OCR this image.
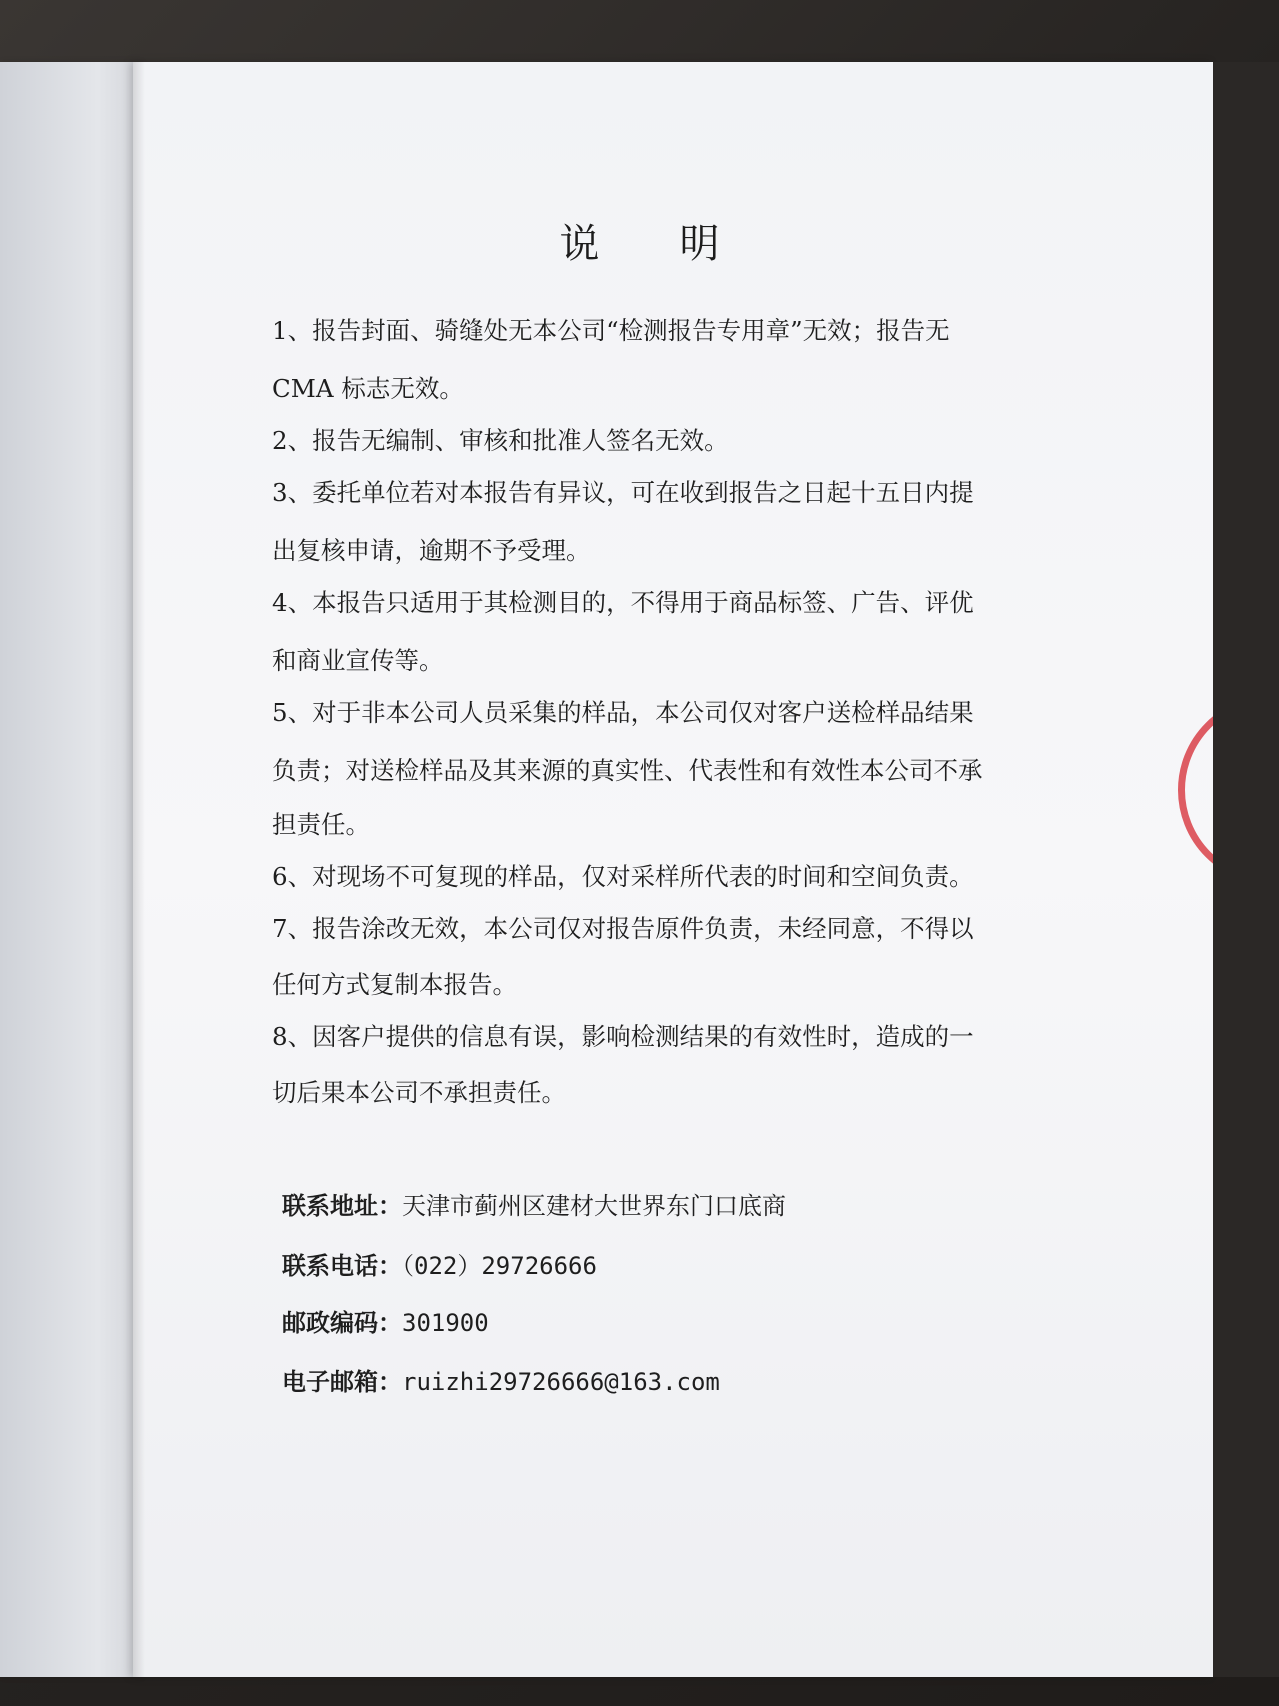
说明

1、报告封面、骑缝处无本公司“检测报告专用章”无效；报告无

CMA 标志无效。

2、报告无编制、审核和批准人签名无效。

3、委托单位若对本报告有异议，可在收到报告之日起十五日内提

出复核申请，逾期不予受理。

4、本报告只适用于其检测目的，不得用于商品标签、广告、评优

和商业宣传等。

5、对于非本公司人员采集的样品，本公司仅对客户送检样品结果

负责；对送检样品及其来源的真实性、代表性和有效性本公司不承

担责任。

6、对现场不可复现的样品，仅对采样所代表的时间和空间负责。

7、报告涂改无效，本公司仅对报告原件负责，未经同意，不得以

任何方式复制本报告。

8、因客户提供的信息有误，影响检测结果的有效性时，造成的一

切后果本公司不承担责任。

联系地址：天津市蓟州区建材大世界东门口底商

联系电话：（022）29726666

邮政编码：301900

电子邮箱：ruizhi29726666@163.com
